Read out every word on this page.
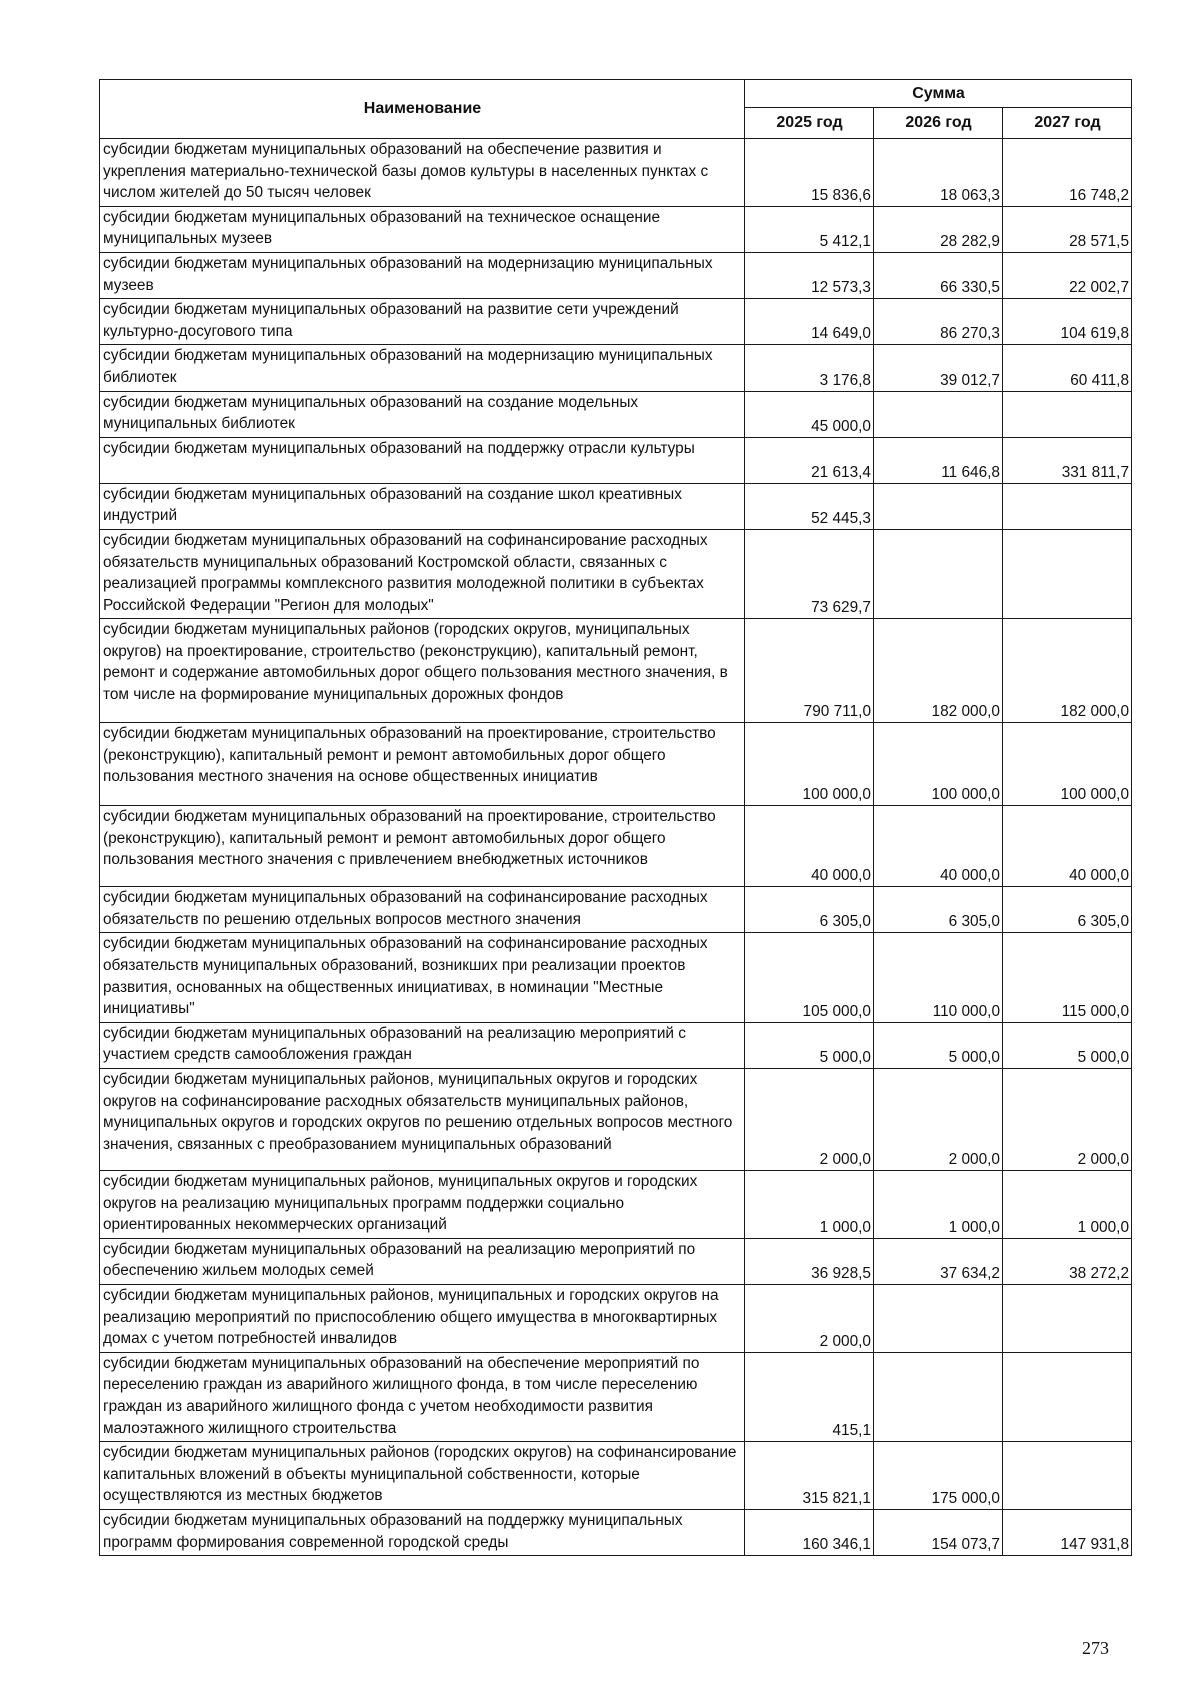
Наименование	Сумма		
	2025 год	2026 год	2027 год
субсидии бюджетам муниципальных образований на обеспечение развития и укрепления материально-технической базы домов культуры в населенных пунктах с числом жителей до 50 тысяч человек	15 836,6	18 063,3	16 748,2
субсидии бюджетам муниципальных образований на техническое оснащение муниципальных музеев	5 412,1	28 282,9	28 571,5
субсидии бюджетам муниципальных образований на модернизацию муниципальных музеев	12 573,3	66 330,5	22 002,7
субсидии бюджетам муниципальных образований на развитие сети учреждений культурно-досугового типа	14 649,0	86 270,3	104 619,8
субсидии бюджетам муниципальных образований на модернизацию муниципальных библиотек	3 176,8	39 012,7	60 411,8
субсидии бюджетам муниципальных образований на создание модельных муниципальных библиотек	45 000,0		
субсидии бюджетам муниципальных образований на поддержку отрасли культуры	21 613,4	11 646,8	331 811,7
субсидии бюджетам муниципальных образований на создание школ креативных индустрий	52 445,3		
субсидии бюджетам муниципальных образований на софинансирование расходных обязательств муниципальных образований Костромской области, связанных с реализацией программы комплексного развития молодежной политики в субъектах Российской Федерации "Регион для молодых"	73 629,7		
субсидии бюджетам муниципальных районов (городских округов, муниципальных округов) на проектирование, строительство (реконструкцию), капитальный ремонт, ремонт и содержание автомобильных дорог общего пользования местного значения, в том числе на формирование муниципальных дорожных фондов	790 711,0	182 000,0	182 000,0
субсидии бюджетам муниципальных образований на проектирование, строительство (реконструкцию), капитальный ремонт и ремонт автомобильных дорог общего пользования местного значения на основе общественных инициатив	100 000,0	100 000,0	100 000,0
субсидии бюджетам муниципальных образований на проектирование, строительство (реконструкцию), капитальный ремонт и ремонт автомобильных дорог общего пользования местного значения с привлечением внебюджетных источников	40 000,0	40 000,0	40 000,0
субсидии бюджетам муниципальных образований на софинансирование расходных обязательств по решению отдельных вопросов местного значения	6 305,0	6 305,0	6 305,0
субсидии бюджетам муниципальных образований на софинансирование расходных обязательств муниципальных образований, возникших при реализации проектов развития, основанных на общественных инициативах, в номинации "Местные инициативы"	105 000,0	110 000,0	115 000,0
субсидии бюджетам муниципальных образований на реализацию мероприятий с участием средств самообложения граждан	5 000,0	5 000,0	5 000,0
субсидии бюджетам муниципальных районов, муниципальных округов и городских округов на софинансирование расходных обязательств муниципальных районов, муниципальных округов и городских округов по решению отдельных вопросов местного значения, связанных с преобразованием муниципальных образований	2 000,0	2 000,0	2 000,0
субсидии бюджетам муниципальных районов, муниципальных округов и городских округов на реализацию муниципальных программ поддержки социально ориентированных некоммерческих организаций	1 000,0	1 000,0	1 000,0
субсидии бюджетам муниципальных образований на реализацию мероприятий по обеспечению жильем молодых семей	36 928,5	37 634,2	38 272,2
субсидии бюджетам муниципальных районов, муниципальных и городских округов на реализацию мероприятий по приспособлению общего имущества в многоквартирных домах с учетом потребностей инвалидов	2 000,0		
субсидии бюджетам муниципальных образований на обеспечение мероприятий по переселению граждан из аварийного жилищного фонда, в том числе переселению граждан из аварийного жилищного фонда с учетом необходимости развития малоэтажного жилищного строительства	415,1		
субсидии бюджетам муниципальных районов (городских округов) на софинансирование капитальных вложений в объекты муниципальной собственности, которые осуществляются из местных бюджетов	315 821,1	175 000,0	
субсидии бюджетам муниципальных образований на поддержку муниципальных программ формирования современной городской среды	160 346,1	154 073,7	147 931,8
273
